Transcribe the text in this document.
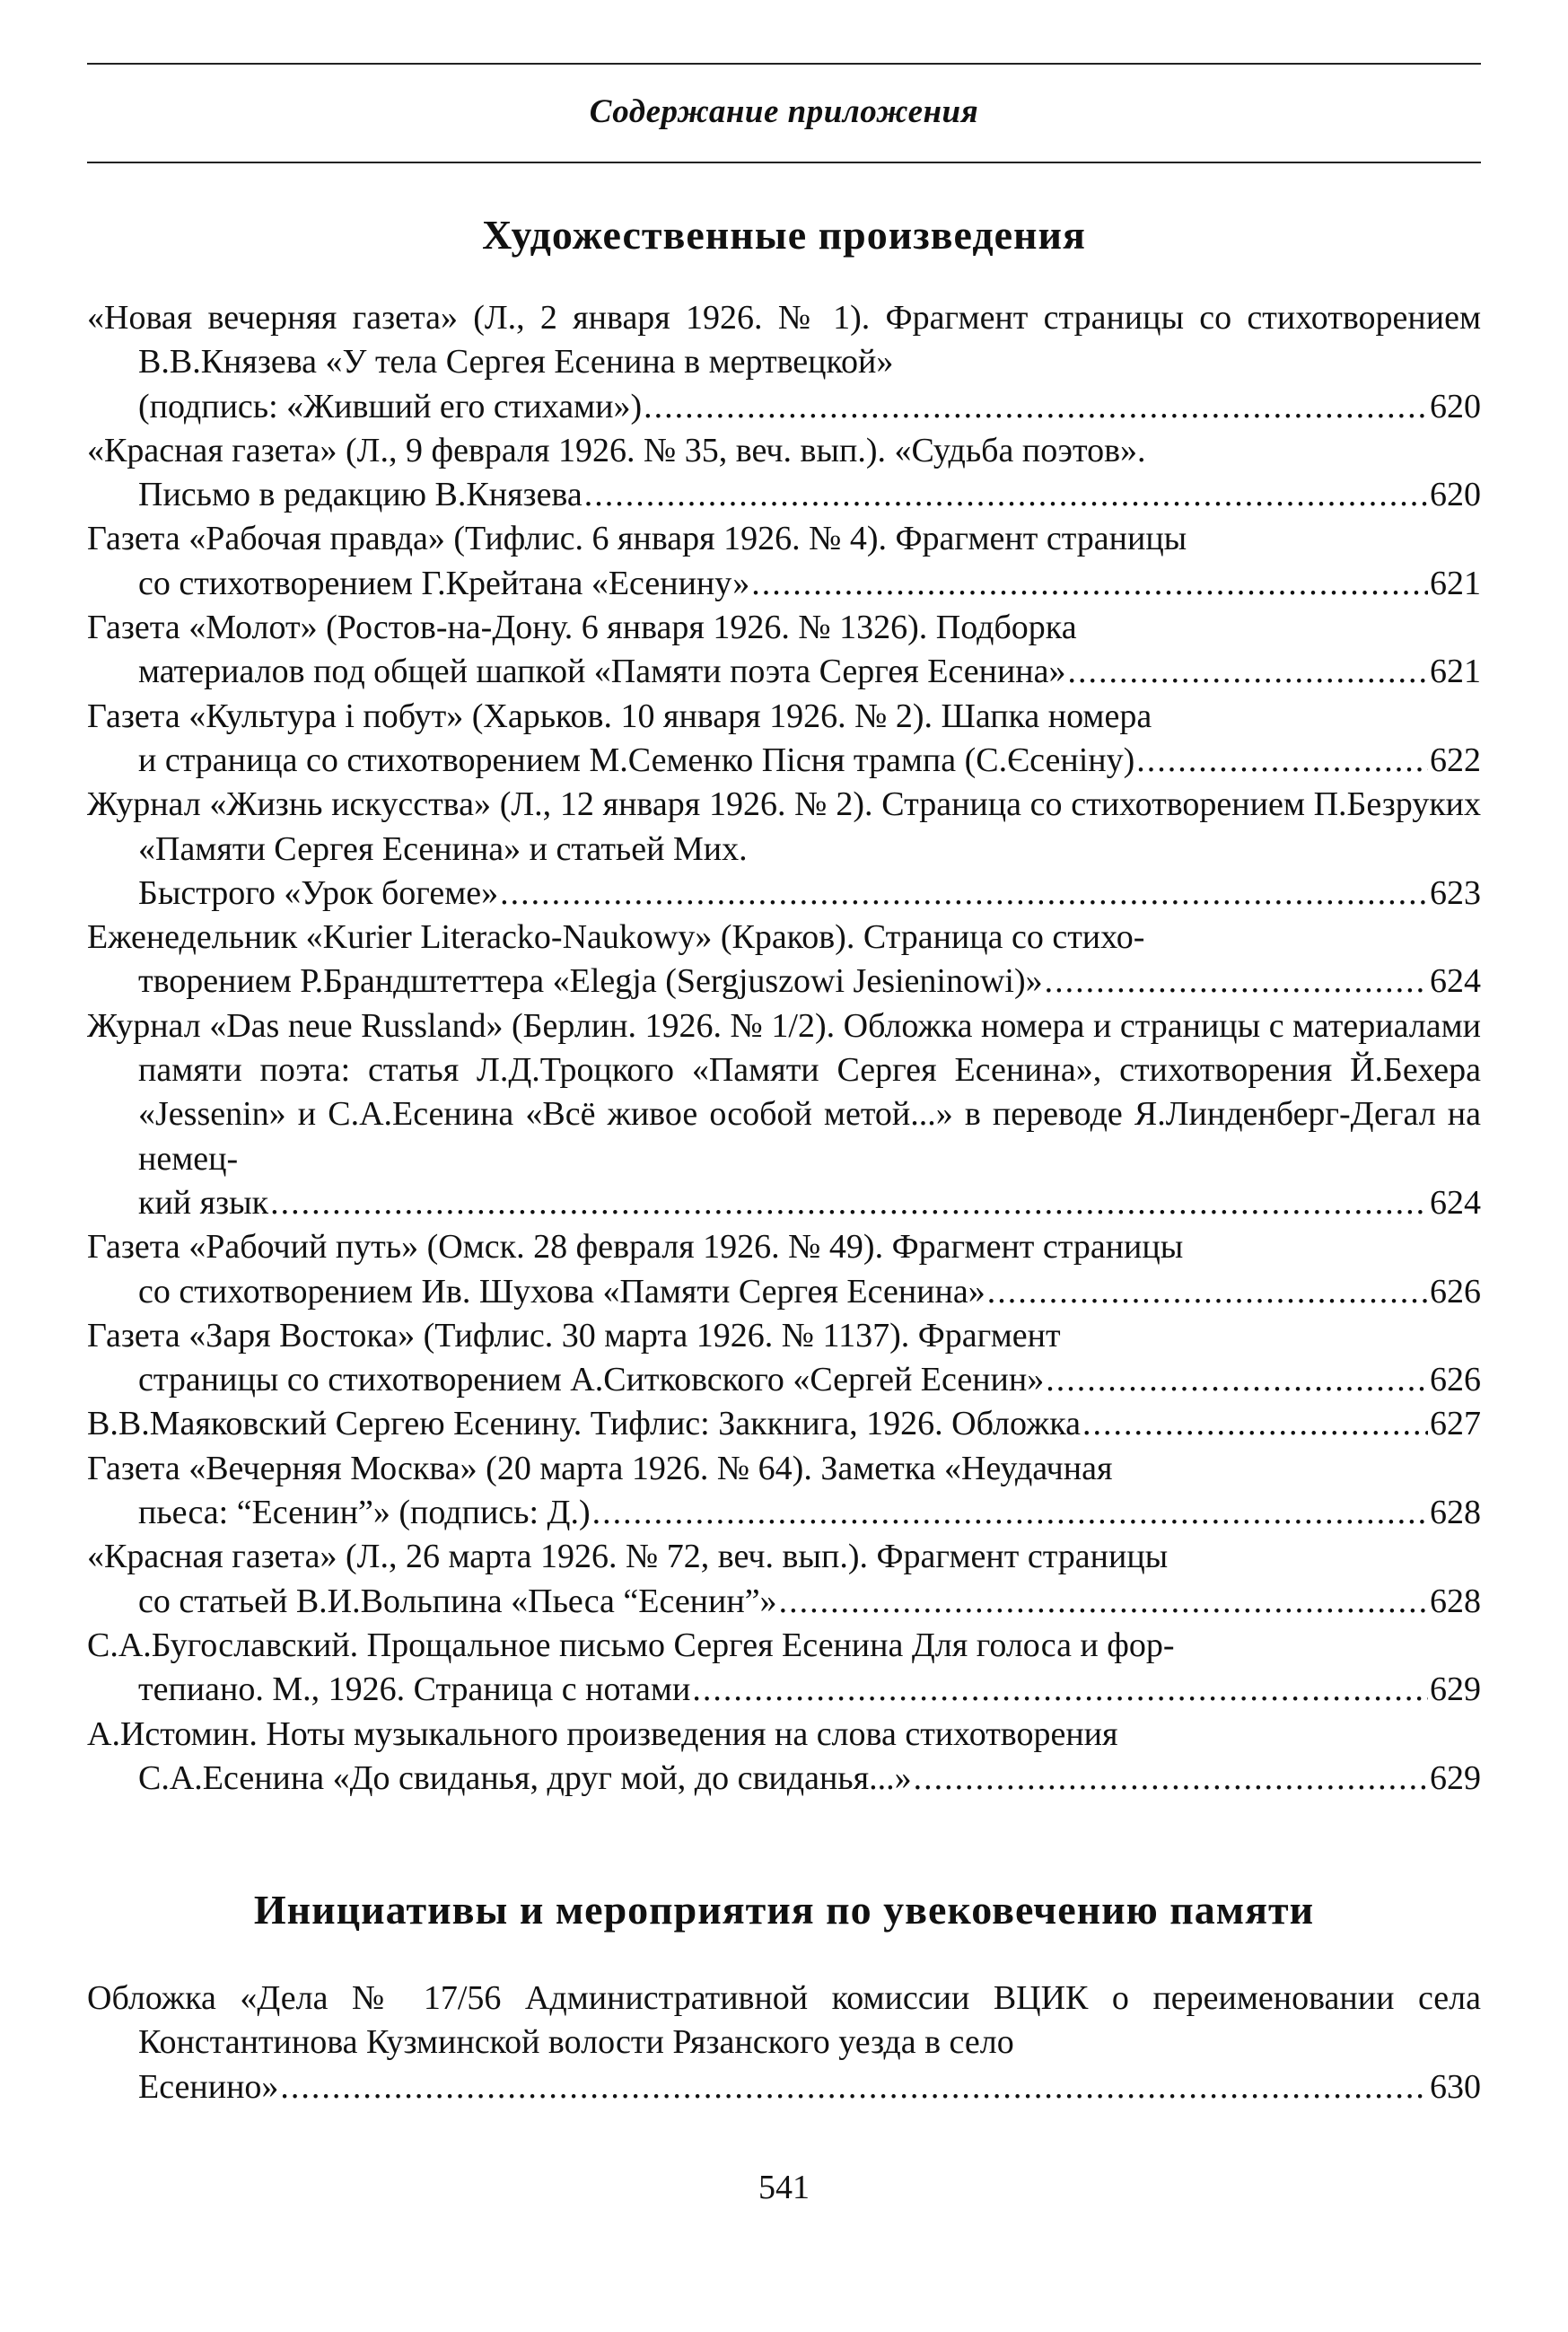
Содержание приложения
Художественные произведения
«Новая вечерняя газета» (Л., 2 января 1926. № 1). Фрагмент страницы со стихотворением В.В.Князева «У тела Сергея Есенина в мертвецкой»
(подпись: «Живший его стихами») .....	620
«Красная газета» (Л., 9 февраля 1926. № 35, веч. вып.). «Судьба поэтов».
Письмо в редакцию В.Князева .....	620
Газета «Рабочая правда» (Тифлис. 6 января 1926. № 4). Фрагмент страницы
со стихотворением Г.Крейтана «Есенину» .....	621
Газета «Молот» (Ростов-на-Дону. 6 января 1926. № 1326). Подборка
материалов под общей шапкой «Памяти поэта Сергея Есенина» .....	621
Газета «Культура і побут» (Харьков. 10 января 1926. № 2). Шапка номера
и страница со стихотворением М.Семенко Пісня трампа (С.Єсеніну) .....	622
Журнал «Жизнь искусства» (Л., 12 января 1926. № 2). Страница со стихотворением П.Безруких «Памяти Сергея Есенина» и статьей Мих.
Быстрого «Урок богеме» .....	623
Еженедельник «Kurier Literacko-Naukowy» (Краков). Страница со стихо-
творением Р.Брандштеттера «Elegja (Sergjuszowi Jesieninowi)» .....	624
Журнал «Das neue Russland» (Берлин. 1926. № 1/2). Обложка номера и страницы с материалами памяти поэта: статья Л.Д.Троцкого «Памяти Сергея Есенина», стихотворения Й.Бехера «Jessenin» и С.А.Есенина «Всё живое особой метой...» в переводе Я.Линденберг-Дегал на немец-
кий язык .....	624
Газета «Рабочий путь» (Омск. 28 февраля 1926. № 49). Фрагмент страницы
со стихотворением Ив. Шухова «Памяти Сергея Есенина» .....	626
Газета «Заря Востока» (Тифлис. 30 марта 1926. № 1137). Фрагмент
страницы со стихотворением А.Ситковского «Сергей Есенин» .....	626
В.В.Маяковский Сергею Есенину. Тифлис: Заккнига, 1926. Обложка .....	627
Газета «Вечерняя Москва» (20 марта 1926. № 64). Заметка «Неудачная
пьеса: “Есенин”» (подпись: Д.) .....	628
«Красная газета» (Л., 26 марта 1926. № 72, веч. вып.). Фрагмент страницы
со статьей В.И.Вольпина «Пьеса “Есенин”» .....	628
С.А.Бугославский. Прощальное письмо Сергея Есенина Для голоса и фор-
тепиано. М., 1926. Страница с нотами .....	629
А.Истомин. Ноты музыкального произведения на слова стихотворения
С.А.Есенина «До свиданья, друг мой, до свиданья...» .....	629
Инициативы и мероприятия по увековечению памяти
Обложка «Дела № 17/56 Административной комиссии ВЦИК о переименовании села Константинова Кузминской волости Рязанского уезда в село
Есенино» .....	630
541
